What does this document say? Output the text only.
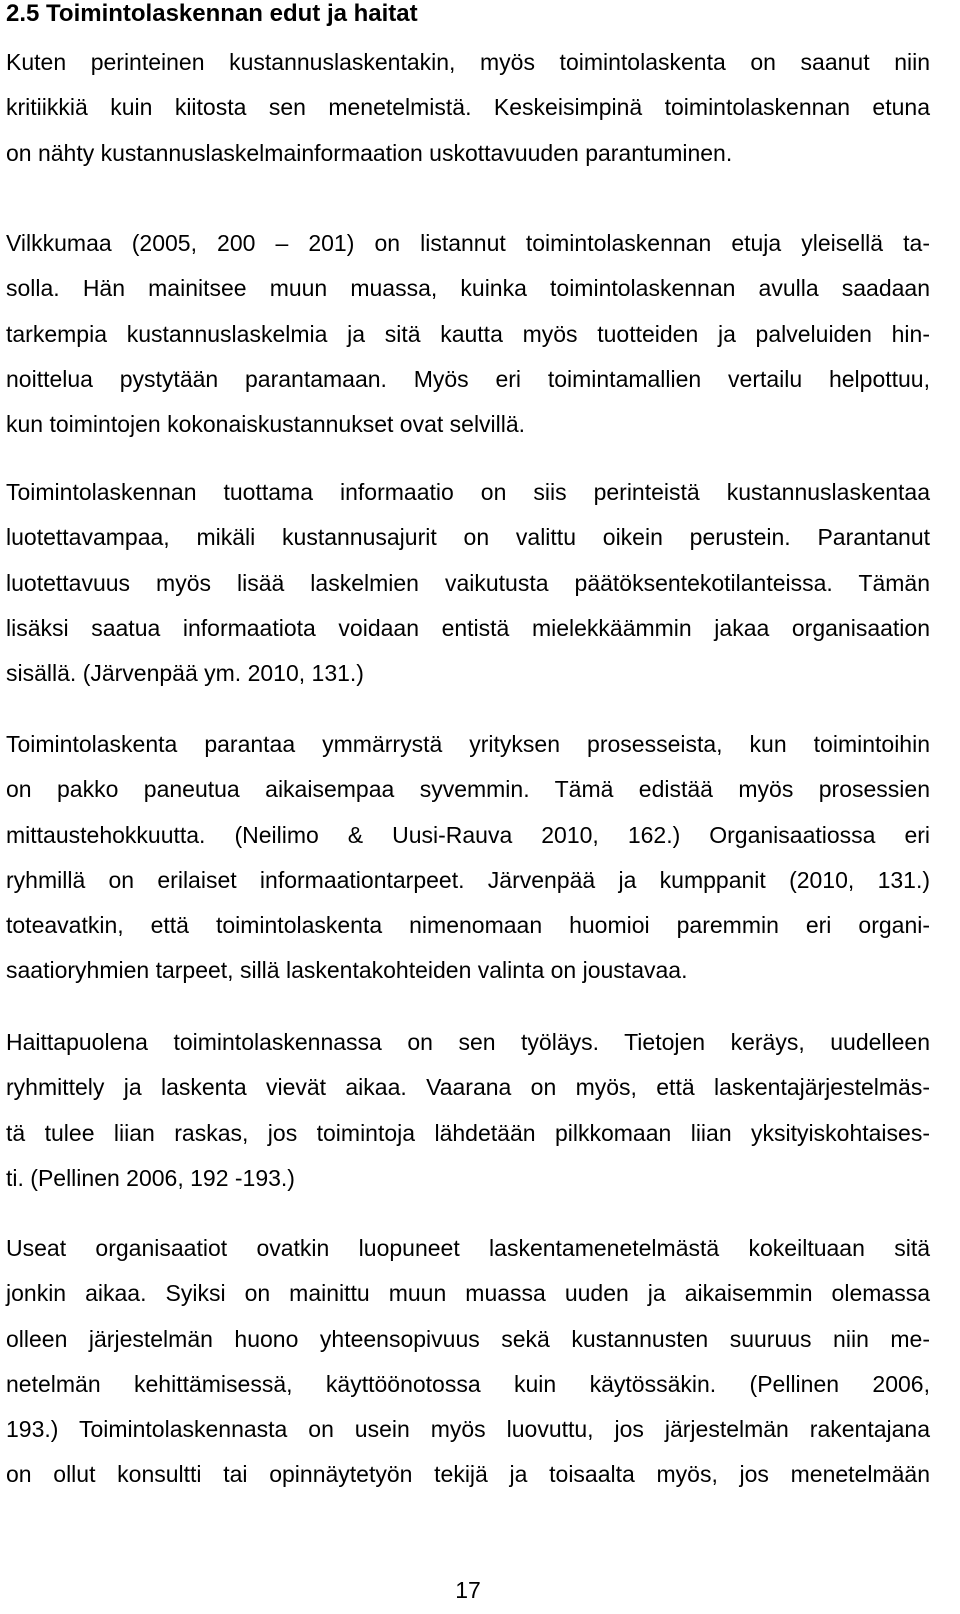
2.5 Toimintolaskennan edut ja haitat
Kuten perinteinen kustannuslaskentakin, myös toimintolaskenta on saanut niin
kritiikkiä kuin kiitosta sen menetelmistä. Keskeisimpinä toimintolaskennan etuna
on nähty kustannuslaskelmainformaation uskottavuuden parantuminen.
Vilkkumaa (2005, 200 – 201) on listannut toimintolaskennan etuja yleisellä ta-
solla. Hän mainitsee muun muassa, kuinka toimintolaskennan avulla saadaan
tarkempia kustannuslaskelmia ja sitä kautta myös tuotteiden ja palveluiden hin-
noittelua pystytään parantamaan. Myös eri toimintamallien vertailu helpottuu,
kun toimintojen kokonaiskustannukset ovat selvillä.
Toimintolaskennan tuottama informaatio on siis perinteistä kustannuslaskentaa
luotettavampaa, mikäli kustannusajurit on valittu oikein perustein. Parantanut
luotettavuus myös lisää laskelmien vaikutusta päätöksentekotilanteissa. Tämän
lisäksi saatua informaatiota voidaan entistä mielekkäämmin jakaa organisaation
sisällä. (Järvenpää ym. 2010, 131.)
Toimintolaskenta parantaa ymmärrystä yrityksen prosesseista, kun toimintoihin
on pakko paneutua aikaisempaa syvemmin. Tämä edistää myös prosessien
mittaustehokkuutta. (Neilimo & Uusi-Rauva 2010, 162.) Organisaatiossa eri
ryhmillä on erilaiset informaationtarpeet. Järvenpää ja kumppanit (2010, 131.)
toteavatkin, että toimintolaskenta nimenomaan huomioi paremmin eri organi-
saatioryhmien tarpeet, sillä laskentakohteiden valinta on joustavaa.
Haittapuolena toimintolaskennassa on sen työläys. Tietojen keräys, uudelleen
ryhmittely ja laskenta vievät aikaa. Vaarana on myös, että laskentajärjestelmäs-
tä tulee liian raskas, jos toimintoja lähdetään pilkkomaan liian yksityiskohtaises-
ti. (Pellinen 2006, 192 -193.)
Useat organisaatiot ovatkin luopuneet laskentamenetelmästä kokeiltuaan sitä
jonkin aikaa. Syiksi on mainittu muun muassa uuden ja aikaisemmin olemassa
olleen järjestelmän huono yhteensopivuus sekä kustannusten suuruus niin me-
netelmän kehittämisessä, käyttöönotossa kuin käytössäkin. (Pellinen 2006,
193.) Toimintolaskennasta on usein myös luovuttu, jos järjestelmän rakentajana
on ollut konsultti tai opinnäytetyön tekijä ja toisaalta myös, jos menetelmään
17
